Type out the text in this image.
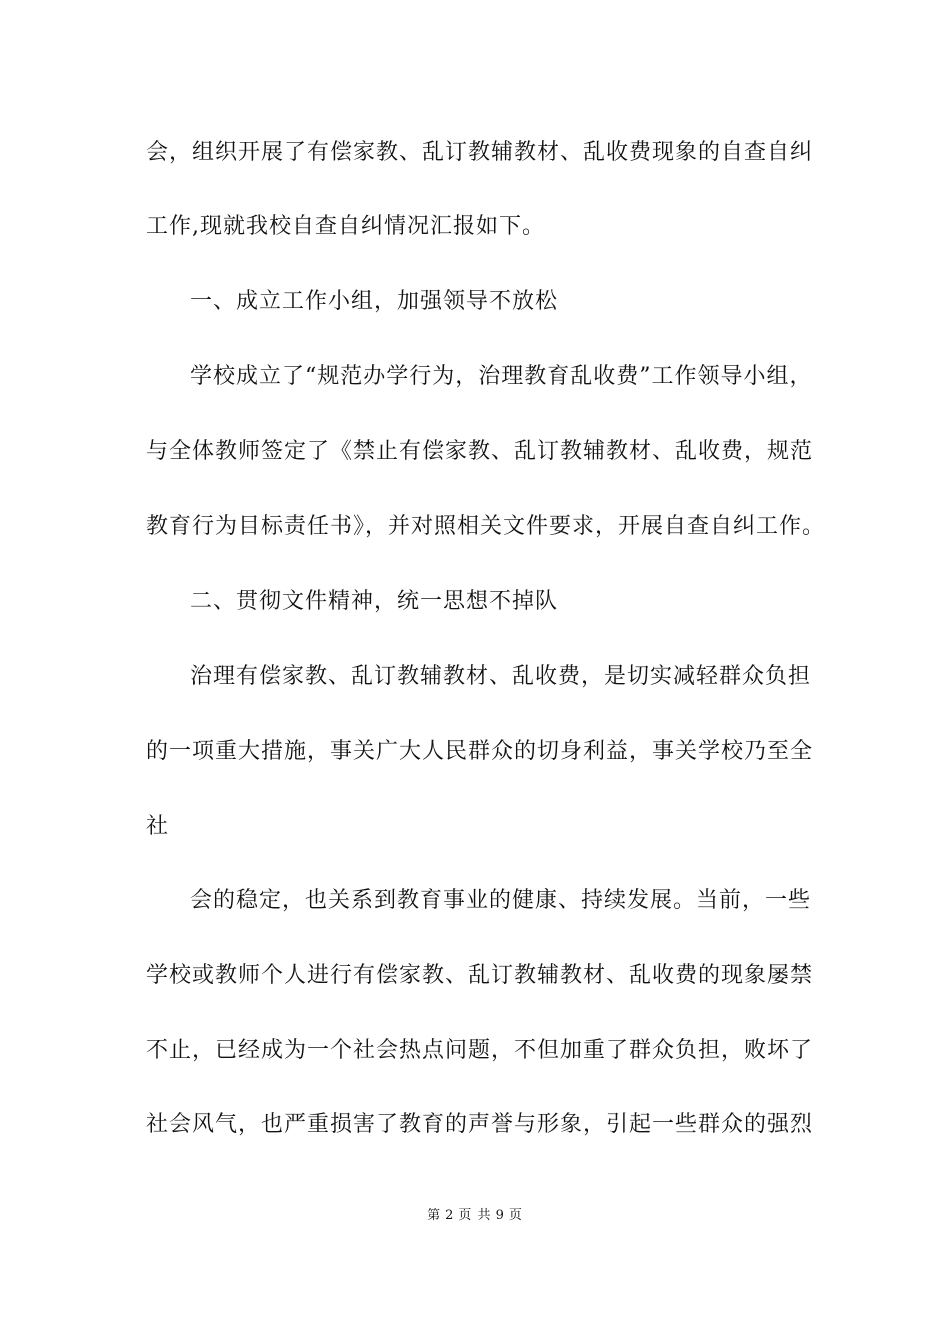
会，组织开展了有偿家教、乱订教辅教材、乱收费现象的自查自纠
工作,现就我校自查自纠情况汇报如下。
一、成立工作小组，加强领导不放松
学校成立了“规范办学行为，治理教育乱收费”工作领导小组，
与全体教师签定了《禁止有偿家教、乱订教辅教材、乱收费，规范
教育行为目标责任书》，并对照相关文件要求，开展自查自纠工作。
二、贯彻文件精神，统一思想不掉队
治理有偿家教、乱订教辅教材、乱收费，是切实减轻群众负担
的一项重大措施，事关广大人民群众的切身利益，事关学校乃至全
社
会的稳定，也关系到教育事业的健康、持续发展。当前，一些
学校或教师个人进行有偿家教、乱订教辅教材、乱收费的现象屡禁
不止，已经成为一个社会热点问题，不但加重了群众负担，败坏了
社会风气，也严重损害了教育的声誉与形象，引起一些群众的强烈
第 2 页 共 9 页
